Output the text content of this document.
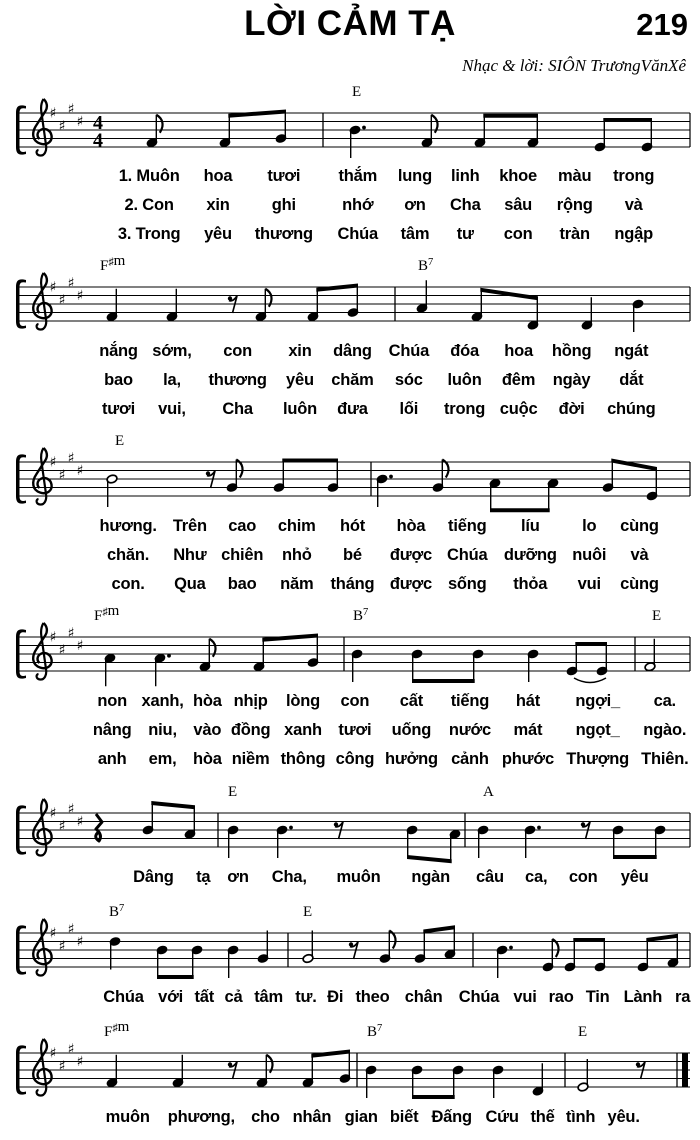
LỜI CẢM TẠ	219
Nhạc & lời: SIÔN TrươngVănXê
♯
♯
♯
♯ 4
4
E
♯
♯
♯
♯
F♯m	$B^7$
♯
♯
♯
♯
E
♯
♯
♯
♯
F♯m	$B^7$	E
♯
♯
♯
♯
E	A
♯
♯
♯
♯
$B^7$	E
♯
♯
♯
♯
F♯m	$B^7$	E
1. Muôn	hoa	tươi	thắm	lung	linh	khoe	màu	trong
2. Con	xin	ghi	nhớ	ơn	Cha	sâu	rộng	và
3. Trong	yêu	thương	Chúa	tâm	tư	con	tràn	ngập
nắng	sớm,	con	xin	dâng	Chúa	đóa	hoa	hồng	ngát
bao	la,	thương	yêu	chăm	sóc	luôn	đêm	ngày	dắt
tươi	vui,	Cha	luôn	đưa	lối	trong	cuộc	đời	chúng
hương.	Trên	cao	chim	hót	hòa	tiếng	líu	lo	cùng
chăn.	Như	chiên	nhỏ	bé	được	Chúa	dưỡng	nuôi	và
con.	Qua	bao	năm	tháng	được	sống	thỏa	vui	cùng
non	xanh,	hòa	nhịp	lòng	con	cất	tiếng	hát	ngợi_	ca.
nâng	niu,	vào	đồng	xanh	tươi	uống	nước	mát	ngọt_	ngào.
anh	em,	hòa	niềm	thông	công	hưởng	cảnh	phước	Thượng	Thiên.
Dâng	tạ	ơn	Cha,	muôn	ngàn	câu	ca,	con	yêu
Chúa	với	tất	cả	tâm	tư.	Đi	theo	chân	Chúa	vui	rao	Tin	Lành	ra
muôn	phương,	cho	nhân	gian	biết	Đấng	Cứu	thế	tình	yêu.
